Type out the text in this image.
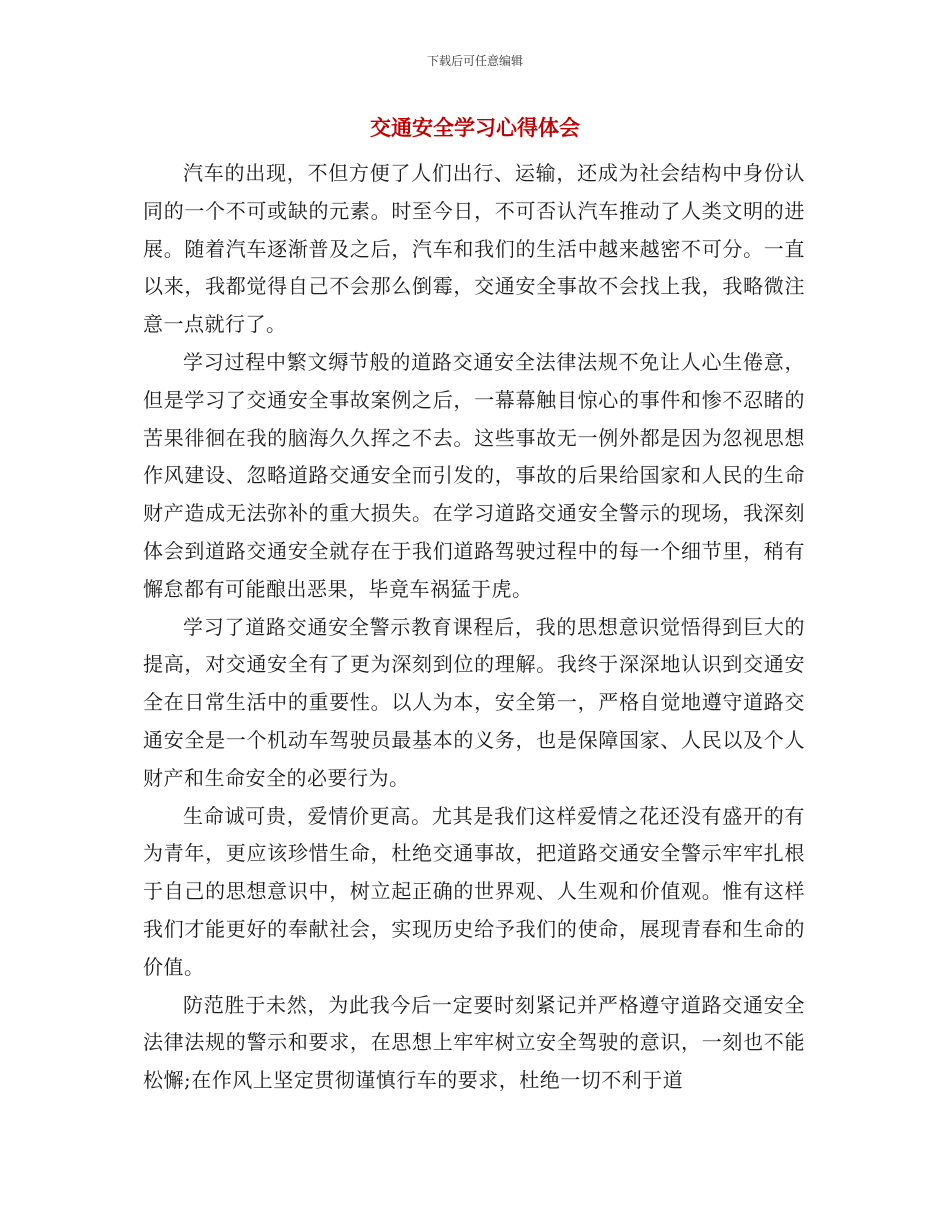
下载后可任意编辑
交通安全学习心得体会

汽车的出现，不但方便了人们出行、运输，还成为社会结构中身份认同的一个不可或缺的元素。时至今日，不可否认汽车推动了人类文明的进展。随着汽车逐渐普及之后，汽车和我们的生活中越来越密不可分。一直以来，我都觉得自己不会那么倒霉，交通安全事故不会找上我，我略微注意一点就行了。

学习过程中繁文缛节般的道路交通安全法律法规不免让人心生倦意，但是学习了交通安全事故案例之后，一幕幕触目惊心的事件和惨不忍睹的苦果徘徊在我的脑海久久挥之不去。这些事故无一例外都是因为忽视思想作风建设、忽略道路交通安全而引发的，事故的后果给国家和人民的生命财产造成无法弥补的重大损失。在学习道路交通安全警示的现场，我深刻体会到道路交通安全就存在于我们道路驾驶过程中的每一个细节里，稍有懈怠都有可能酿出恶果，毕竟车祸猛于虎。

学习了道路交通安全警示教育课程后，我的思想意识觉悟得到巨大的提高，对交通安全有了更为深刻到位的理解。我终于深深地认识到交通安全在日常生活中的重要性。以人为本，安全第一，严格自觉地遵守道路交通安全是一个机动车驾驶员最基本的义务，也是保障国家、人民以及个人财产和生命安全的必要行为。

生命诚可贵，爱情价更高。尤其是我们这样爱情之花还没有盛开的有为青年，更应该珍惜生命，杜绝交通事故，把道路交通安全警示牢牢扎根于自己的思想意识中，树立起正确的世界观、人生观和价值观。惟有这样我们才能更好的奉献社会，实现历史给予我们的使命，展现青春和生命的价值。

防范胜于未然，为此我今后一定要时刻紧记并严格遵守道路交通安全法律法规的警示和要求，在思想上牢牢树立安全驾驶的意识，一刻也不能松懈;在作风上坚定贯彻谨慎行车的要求，杜绝一切不利于道
